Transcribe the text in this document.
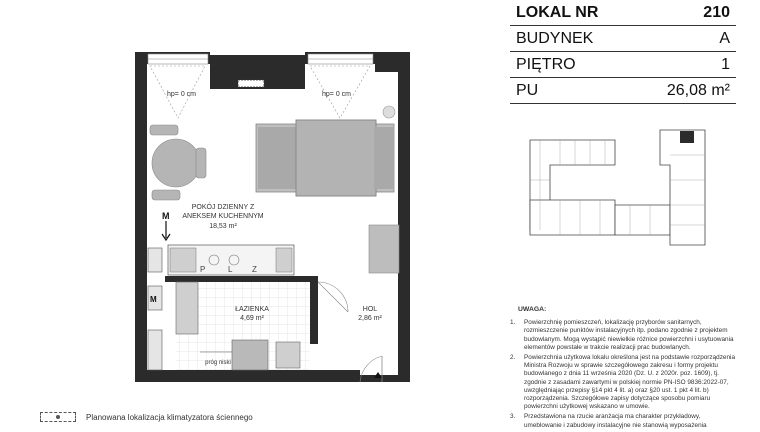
hp= 0 cm	hp= 0 cm
POKÓJ DZIENNY Z
ANEKSEM KUCHENNYM
18,53 m²
M
Z
L
P
M
ŁAZIENKA
4,69 m²
próg niski
HOL
2,86 m²
Planowana lokalizacja klimatyzatora ściennego
LOKAL NR	210
BUDYNEK	A
PIĘTRO	1
PU	26,08 m²
UWAGA:
1.	Powierzchnię pomieszczeń, lokalizację przyborów sanitarnych, rozmieszczenie punktów instalacyjnych itp. podano zgodnie z projektem budowlanym. Mogą wystąpić niewielkie różnice powierzchni i usytuowania elementów powstałe w trakcie realizacji prac budowlanych.
2.	Powierzchnia użytkowa lokalu określona jest na podstawie rozporządzenia Ministra Rozwoju w sprawie szczegółowego zakresu i formy projektu budowlanego z dnia 11 września 2020 (Dz. U. z 2020r. poz. 1609), tj. zgodnie z zasadami zawartymi w polskiej normie PN-ISO 9836:2022-07, uwzględniając przepisy §14 pkt 4 lit. a) oraz §20 ust. 1 pkt 4 lit. b) rozporządzenia. Szczegółowe zapisy dotyczące sposobu pomiaru powierzchni użytkowej wskazano w umowie.
3.	Przedstawiona na rzucie aranżacja ma charakter przykładowy, umeblowanie i zabudowy instalacyjne nie stanowią wyposażenia
